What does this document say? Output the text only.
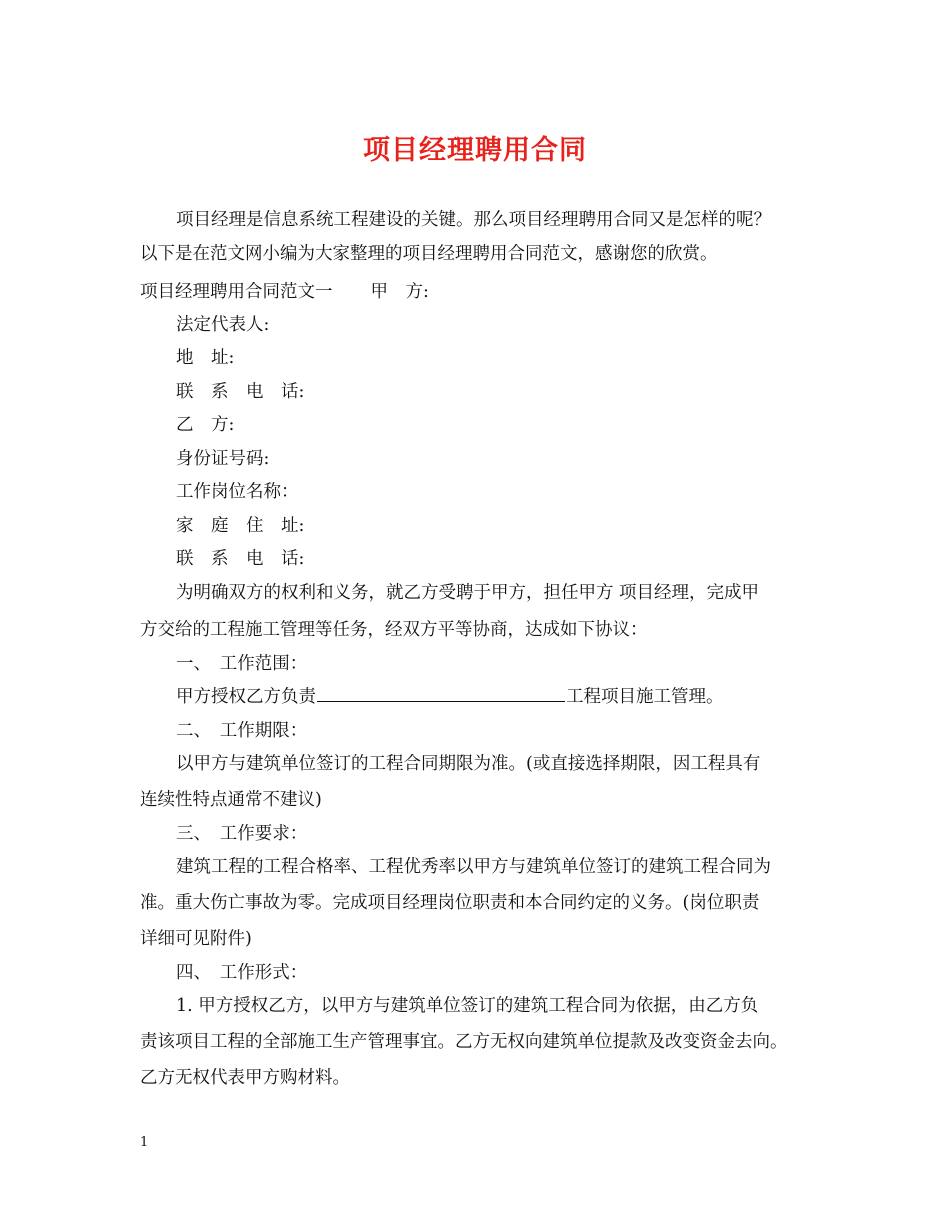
项目经理聘用合同

项目经理是信息系统工程建设的关键。那么项目经理聘用合同又是怎样的呢？

以下是在范文网小编为大家整理的项目经理聘用合同范文，感谢您的欣赏。

项目经理聘用合同范文一 甲　方:

法定代表人:

地　址:

联　系　电　话:

乙　方:

身份证号码:

工作岗位名称：

家　庭　住　址:

联　系　电　话:

为明确双方的权利和义务，就乙方受聘于甲方，担任甲方 项目经理，完成甲

方交给的工程施工管理等任务，经双方平等协商，达成如下协议：

一、　工作范围：

甲方授权乙方负责	工程项目施工管理。

二、　工作期限：

以甲方与建筑单位签订的工程合同期限为准。(或直接选择期限，因工程具有

连续性特点通常不建议)

三、　工作要求：

建筑工程的工程合格率、工程优秀率以甲方与建筑单位签订的建筑工程合同为

准。重大伤亡事故为零。完成项目经理岗位职责和本合同约定的义务。(岗位职责

详细可见附件)

四、　工作形式：

1. 甲方授权乙方，以甲方与建筑单位签订的建筑工程合同为依据，由乙方负

责该项目工程的全部施工生产管理事宜。乙方无权向建筑单位提款及改变资金去向。

乙方无权代表甲方购材料。

1
